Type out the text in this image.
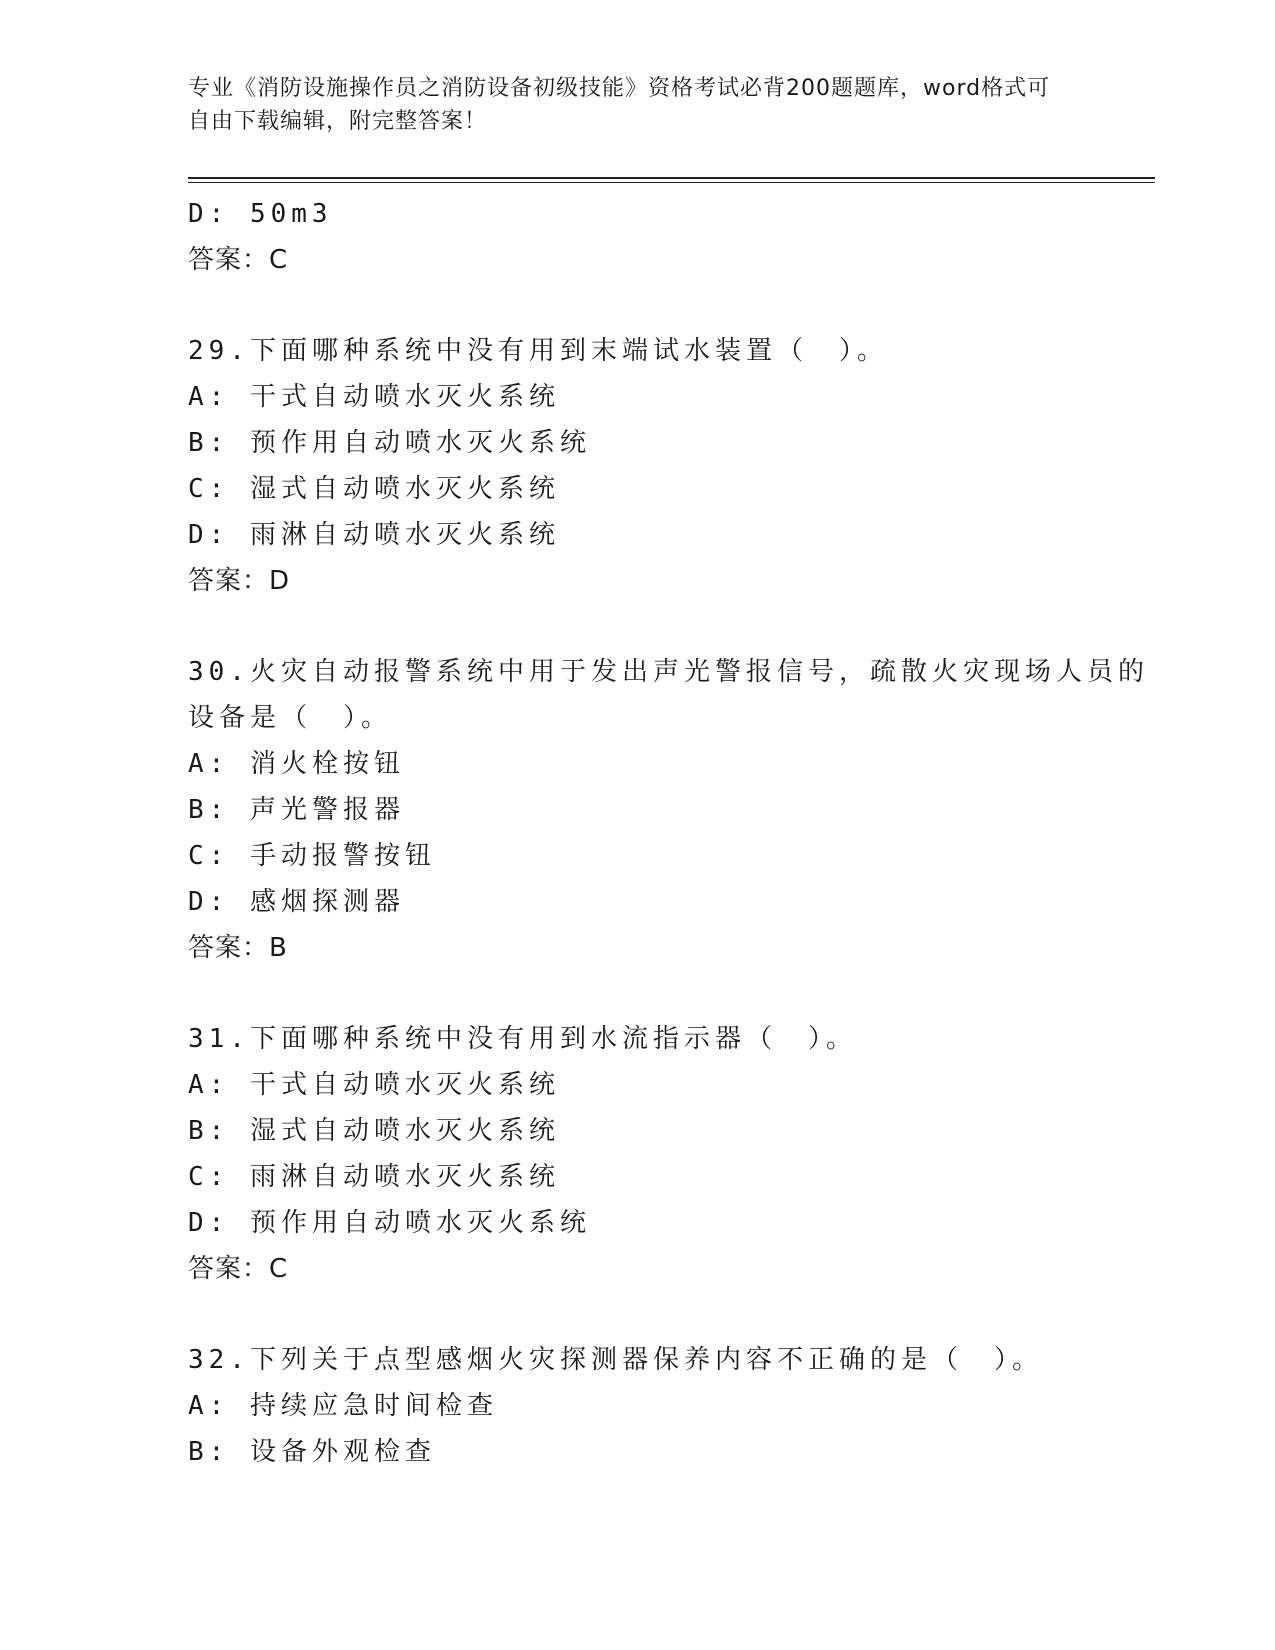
专业《消防设施操作员之消防设备初级技能》资格考试必背200题题库，word格式可自由下载编辑，附完整答案！
D: 50m3
答案：C
29.下面哪种系统中没有用到末端试水装置（　）。
A: 干式自动喷水灭火系统
B: 预作用自动喷水灭火系统
C: 湿式自动喷水灭火系统
D: 雨淋自动喷水灭火系统
答案：D
30.火灾自动报警系统中用于发出声光警报信号，疏散火灾现场人员的
设备是（　）。
A: 消火栓按钮
B: 声光警报器
C: 手动报警按钮
D: 感烟探测器
答案：B
31.下面哪种系统中没有用到水流指示器（　）。
A: 干式自动喷水灭火系统
B: 湿式自动喷水灭火系统
C: 雨淋自动喷水灭火系统
D: 预作用自动喷水灭火系统
答案：C
32.下列关于点型感烟火灾探测器保养内容不正确的是（　）。
A: 持续应急时间检查
B: 设备外观检查
